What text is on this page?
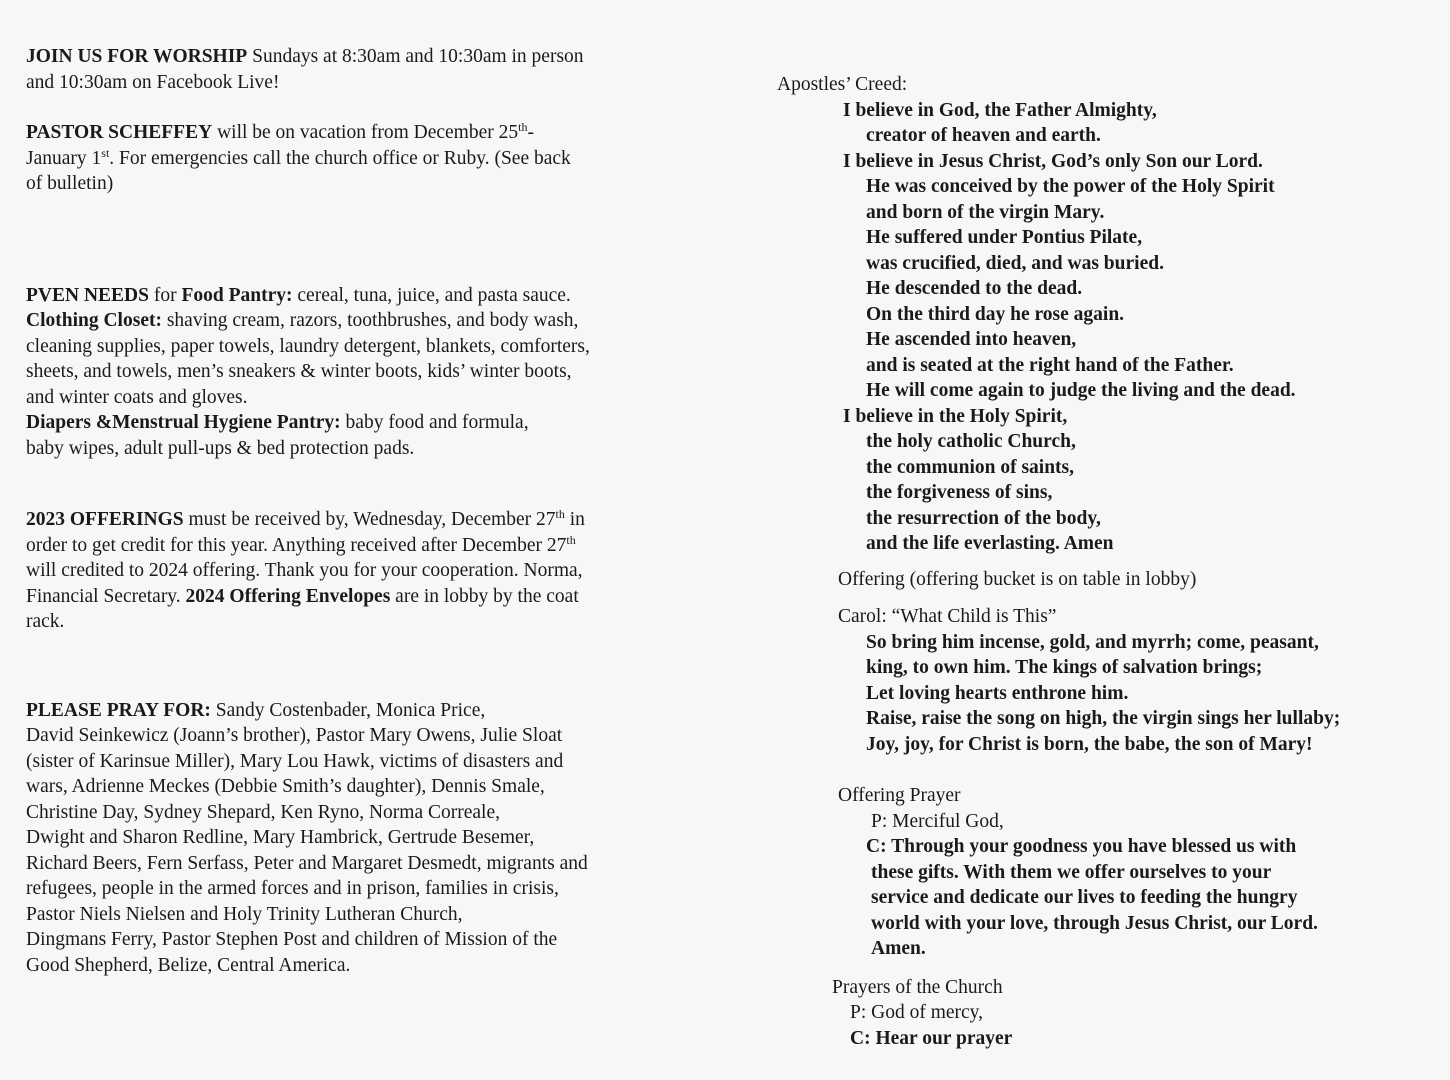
JOIN US FOR WORSHIP Sundays at 8:30am and 10:30am in person

and 10:30am on Facebook Live!

PASTOR SCHEFFEY will be on vacation from December 25th-

January 1st. For emergencies call the church office or Ruby. (See back

of bulletin)

PVEN NEEDS for Food Pantry: cereal, tuna, juice, and pasta sauce.

Clothing Closet: shaving cream, razors, toothbrushes, and body wash,

cleaning supplies, paper towels, laundry detergent, blankets, comforters,

sheets, and towels, men’s sneakers & winter boots, kids’ winter boots,

and winter coats and gloves.

Diapers &Menstrual Hygiene Pantry: baby food and formula,

baby wipes, adult pull-ups & bed protection pads.

2023 OFFERINGS must be received by, Wednesday, December 27th in

order to get credit for this year. Anything received after December 27th

will credited to 2024 offering. Thank you for your cooperation. Norma,

Financial Secretary. 2024 Offering Envelopes are in lobby by the coat

rack.

PLEASE PRAY FOR: Sandy Costenbader, Monica Price,

David Seinkewicz (Joann’s brother), Pastor Mary Owens, Julie Sloat

(sister of Karinsue Miller), Mary Lou Hawk, victims of disasters and

wars, Adrienne Meckes (Debbie Smith’s daughter), Dennis Smale,

Christine Day, Sydney Shepard, Ken Ryno, Norma Correale,

Dwight and Sharon Redline, Mary Hambrick, Gertrude Besemer,

Richard Beers, Fern Serfass, Peter and Margaret Desmedt, migrants and

refugees, people in the armed forces and in prison, families in crisis,

Pastor Niels Nielsen and Holy Trinity Lutheran Church,

Dingmans Ferry, Pastor Stephen Post and children of Mission of the

Good Shepherd, Belize, Central America.

Apostles’ Creed:

I believe in God, the Father Almighty,

creator of heaven and earth.

I believe in Jesus Christ, God’s only Son our Lord.

He was conceived by the power of the Holy Spirit

and born of the virgin Mary.

He suffered under Pontius Pilate,

was crucified, died, and was buried.

He descended to the dead.

On the third day he rose again.

He ascended into heaven,

and is seated at the right hand of the Father.

He will come again to judge the living and the dead.

I believe in the Holy Spirit,

the holy catholic Church,

the communion of saints,

the forgiveness of sins,

the resurrection of the body,

and the life everlasting. Amen

Offering (offering bucket is on table in lobby)

Carol: “What Child is This”

So bring him incense, gold, and myrrh; come, peasant,

king, to own him. The kings of salvation brings;

Let loving hearts enthrone him.

Raise, raise the song on high, the virgin sings her lullaby;

Joy, joy, for Christ is born, the babe, the son of Mary!

Offering Prayer

P: Merciful God,

C: Through your goodness you have blessed us with

these gifts. With them we offer ourselves to your

service and dedicate our lives to feeding the hungry

world with your love, through Jesus Christ, our Lord.

Amen.

Prayers of the Church

P: God of mercy,

C: Hear our prayer
